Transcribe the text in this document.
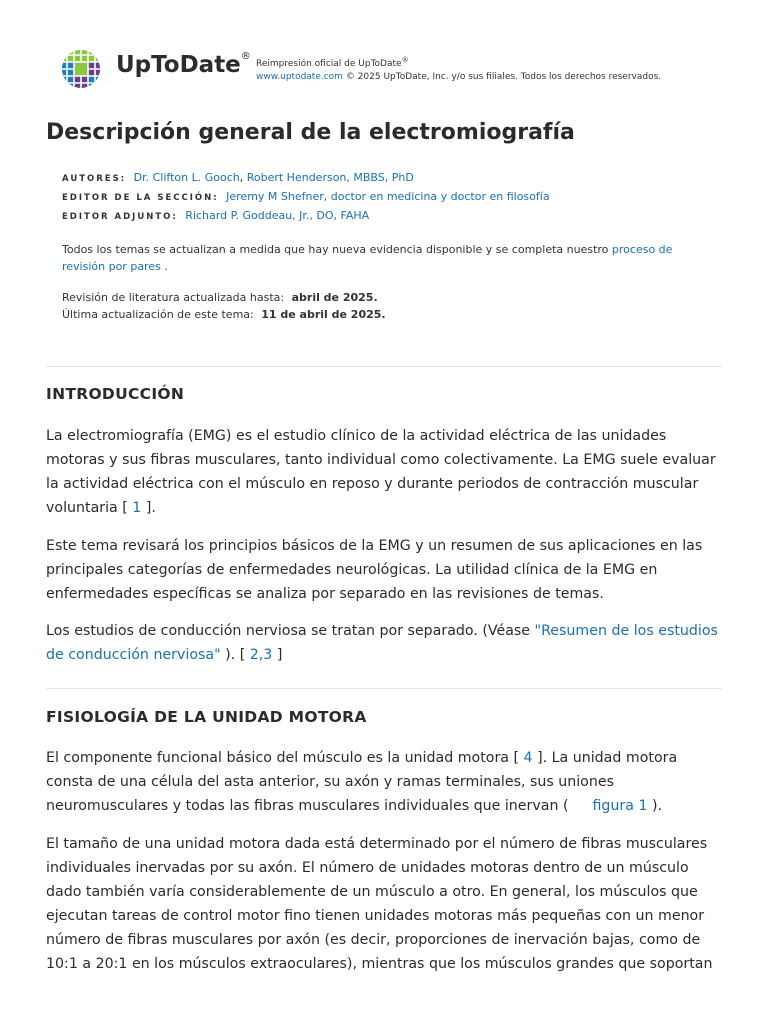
UpToDate®
Reimpresión oficial de UpToDate®
www.uptodate.com © 2025 UpToDate, Inc. y/o sus filiales. Todos los derechos reservados.
Descripción general de la electromiografía
AUTORES: Dr. Clifton L. Gooch, Robert Henderson, MBBS, PhD
EDITOR DE LA SECCIÓN: Jeremy M Shefner, doctor en medicina y doctor en filosofía
EDITOR ADJUNTO: Richard P. Goddeau, Jr., DO, FAHA

Todos los temas se actualizan a medida que hay nueva evidencia disponible y se completa nuestro proceso de revisión por pares .

Revisión de literatura actualizada hasta: abril de 2025.
Última actualización de este tema: 11 de abril de 2025.
INTRODUCCIÓN

La electromiografía (EMG) es el estudio clínico de la actividad eléctrica de las unidades motoras y sus fibras musculares, tanto individual como colectivamente. La EMG suele evaluar la actividad eléctrica con el músculo en reposo y durante periodos de contracción muscular voluntaria [ 1 ].

Este tema revisará los principios básicos de la EMG y un resumen de sus aplicaciones en las principales categorías de enfermedades neurológicas. La utilidad clínica de la EMG en enfermedades específicas se analiza por separado en las revisiones de temas.

Los estudios de conducción nerviosa se tratan por separado. (Véase "Resumen de los estudios de conducción nerviosa" ). [ 2,3 ]

FISIOLOGÍA DE LA UNIDAD MOTORA

El componente funcional básico del músculo es la unidad motora [ 4 ]. La unidad motora consta de una célula del asta anterior, su axón y ramas terminales, sus uniones neuromusculares y todas las fibras musculares individuales que inervan ( figura 1 ).

El tamaño de una unidad motora dada está determinado por el número de fibras musculares individuales inervadas por su axón. El número de unidades motoras dentro de un músculo dado también varía considerablemente de un músculo a otro. En general, los músculos que ejecutan tareas de control motor fino tienen unidades motoras más pequeñas con un menor número de fibras musculares por axón (es decir, proporciones de inervación bajas, como de 10:1 a 20:1 en los músculos extraoculares), mientras que los músculos grandes que soportan
